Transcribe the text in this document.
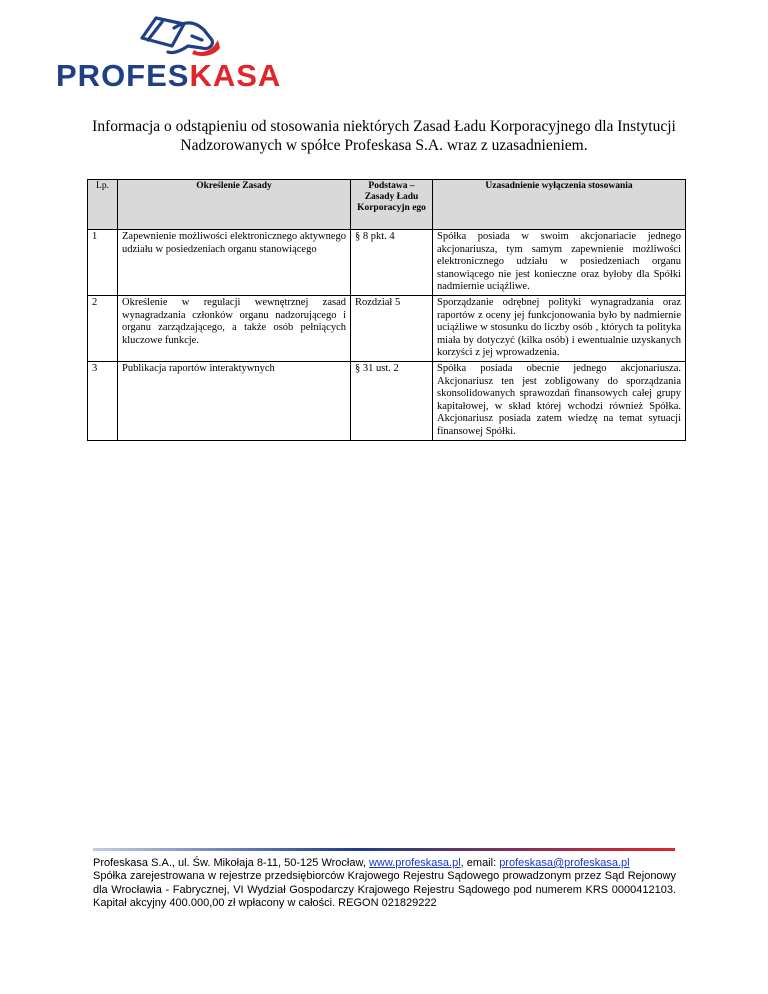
PROFESKASA
Informacja o odstąpieniu od stosowania niektórych Zasad Ładu Korporacyjnego dla Instytucji Nadzorowanych w spółce Profeskasa S.A. wraz z uzasadnieniem.
Lp.	Określenie Zasady	Podstawa – Zasady Ładu Korporacyjn ego	Uzasadnienie wyłączenia stosowania
1	Zapewnienie możliwości elektronicznego aktywnego udziału w posiedzeniach organu stanowiącego	§ 8 pkt. 4	Spółka posiada w swoim akcjonariacie jednego akcjonariusza, tym samym zapewnienie możliwości elektronicznego udziału w posiedzeniach organu stanowiącego nie jest konieczne oraz byłoby dla Spółki nadmiernie uciążliwe.
2	Określenie w regulacji wewnętrznej zasad wynagradzania członków organu nadzorującego i organu zarządzającego, a także osób pełniących kluczowe funkcje.	Rozdział 5	Sporządzanie odrębnej polityki wynagradzania oraz raportów z oceny jej funkcjonowania było by nadmiernie uciążliwe w stosunku do liczby osób , których ta polityka miała by dotyczyć (kilka osób) i ewentualnie uzyskanych korzyści z jej wprowadzenia.
3	Publikacja raportów interaktywnych	§ 31 ust. 2	Spółka posiada obecnie jednego akcjonariusza. Akcjonariusz ten jest zobligowany do sporządzania skonsolidowanych sprawozdań finansowych całej grupy kapitałowej, w skład której wchodzi również Spółka. Akcjonariusz posiada zatem wiedzę na temat sytuacji finansowej Spółki.
Profeskasa S.A., ul. Św. Mikołaja 8-11, 50-125 Wrocław, www.profeskasa.pl, email: profeskasa@profeskasa.pl
Spółka zarejestrowana w rejestrze przedsiębiorców Krajowego Rejestru Sądowego prowadzonym przez Sąd Rejonowy dla Wrocławia - Fabrycznej, VI Wydział Gospodarczy Krajowego Rejestru Sądowego pod numerem KRS 0000412103. Kapitał akcyjny 400.000,00 zł wpłacony w całości. REGON 021829222
